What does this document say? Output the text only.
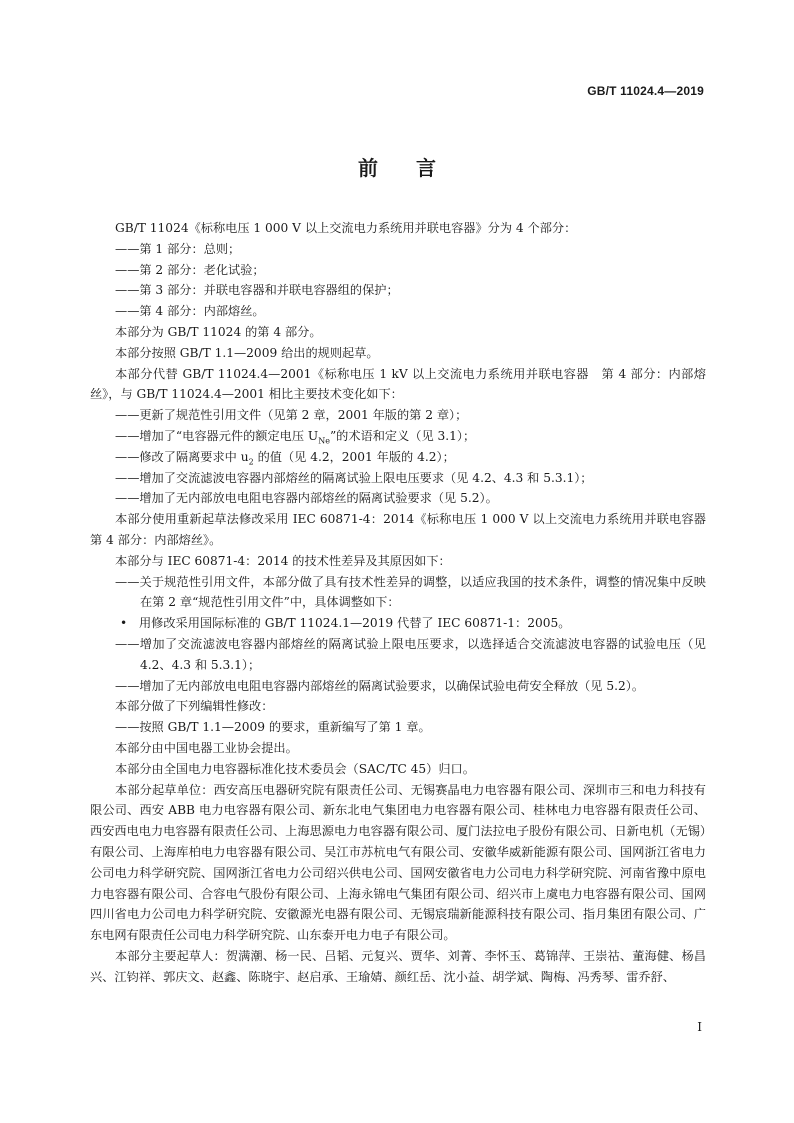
GB/T 11024.4—2019
前言

GB/T 11024《标称电压 1 000 V 以上交流电力系统用并联电容器》分为 4 个部分：

——第 1 部分：总则；

——第 2 部分：老化试验；

——第 3 部分：并联电容器和并联电容器组的保护；

——第 4 部分：内部熔丝。

本部分为 GB/T 11024 的第 4 部分。

本部分按照 GB/T 1.1—2009 给出的规则起草。

本部分代替 GB/T 11024.4—2001《标称电压 1 kV 以上交流电力系统用并联电容器　第 4 部分：内部熔丝》，与 GB/T 11024.4—2001 相比主要技术变化如下：

——更新了规范性引用文件（见第 2 章，2001 年版的第 2 章）；

——增加了“电容器元件的额定电压 $U_{Ne}$”的术语和定义（见 3.1）；

——修改了隔离要求中 $u_2$ 的值（见 4.2，2001 年版的 4.2）；

——增加了交流滤波电容器内部熔丝的隔离试验上限电压要求（见 4.2、4.3 和 5.3.1）；

——增加了无内部放电电阻电容器内部熔丝的隔离试验要求（见 5.2）。

本部分使用重新起草法修改采用 IEC 60871-4：2014《标称电压 1 000 V 以上交流电力系统用并联电容器　第 4 部分：内部熔丝》。

本部分与 IEC 60871-4：2014 的技术性差异及其原因如下：

——关于规范性引用文件，本部分做了具有技术性差异的调整，以适应我国的技术条件，调整的情况集中反映在第 2 章“规范性引用文件”中，具体调整如下：

• 用修改采用国际标准的 GB/T 11024.1—2019 代替了 IEC 60871-1：2005。

——增加了交流滤波电容器内部熔丝的隔离试验上限电压要求，以选择适合交流滤波电容器的试验电压（见 4.2、4.3 和 5.3.1）；

——增加了无内部放电电阻电容器内部熔丝的隔离试验要求，以确保试验电荷安全释放（见 5.2）。

本部分做了下列编辑性修改：

——按照 GB/T 1.1—2009 的要求，重新编写了第 1 章。

本部分由中国电器工业协会提出。

本部分由全国电力电容器标准化技术委员会（SAC/TC 45）归口。

本部分起草单位：西安高压电器研究院有限责任公司、无锡赛晶电力电容器有限公司、深圳市三和电力科技有限公司、西安 ABB 电力电容器有限公司、新东北电气集团电力电容器有限公司、桂林电力电容器有限责任公司、西安西电电力电容器有限责任公司、上海思源电力电容器有限公司、厦门法拉电子股份有限公司、日新电机（无锡）有限公司、上海库柏电力电容器有限公司、吴江市苏杭电气有限公司、安徽华威新能源有限公司、国网浙江省电力公司电力科学研究院、国网浙江省电力公司绍兴供电公司、国网安徽省电力公司电力科学研究院、河南省豫中原电力电容器有限公司、合容电气股份有限公司、上海永锦电气集团有限公司、绍兴市上虞电力电容器有限公司、国网四川省电力公司电力科学研究院、安徽源光电器有限公司、无锡宸瑞新能源科技有限公司、指月集团有限公司、广东电网有限责任公司电力科学研究院、山东泰开电力电子有限公司。

本部分主要起草人：贺满潮、杨一民、吕韬、元复兴、贾华、刘菁、李怀玉、葛锦萍、王崇祜、董海健、杨昌兴、江钧祥、郭庆文、赵鑫、陈晓宇、赵启承、王瑜婧、颜红岳、沈小益、胡学斌、陶梅、冯秀琴、雷乔舒、

I
